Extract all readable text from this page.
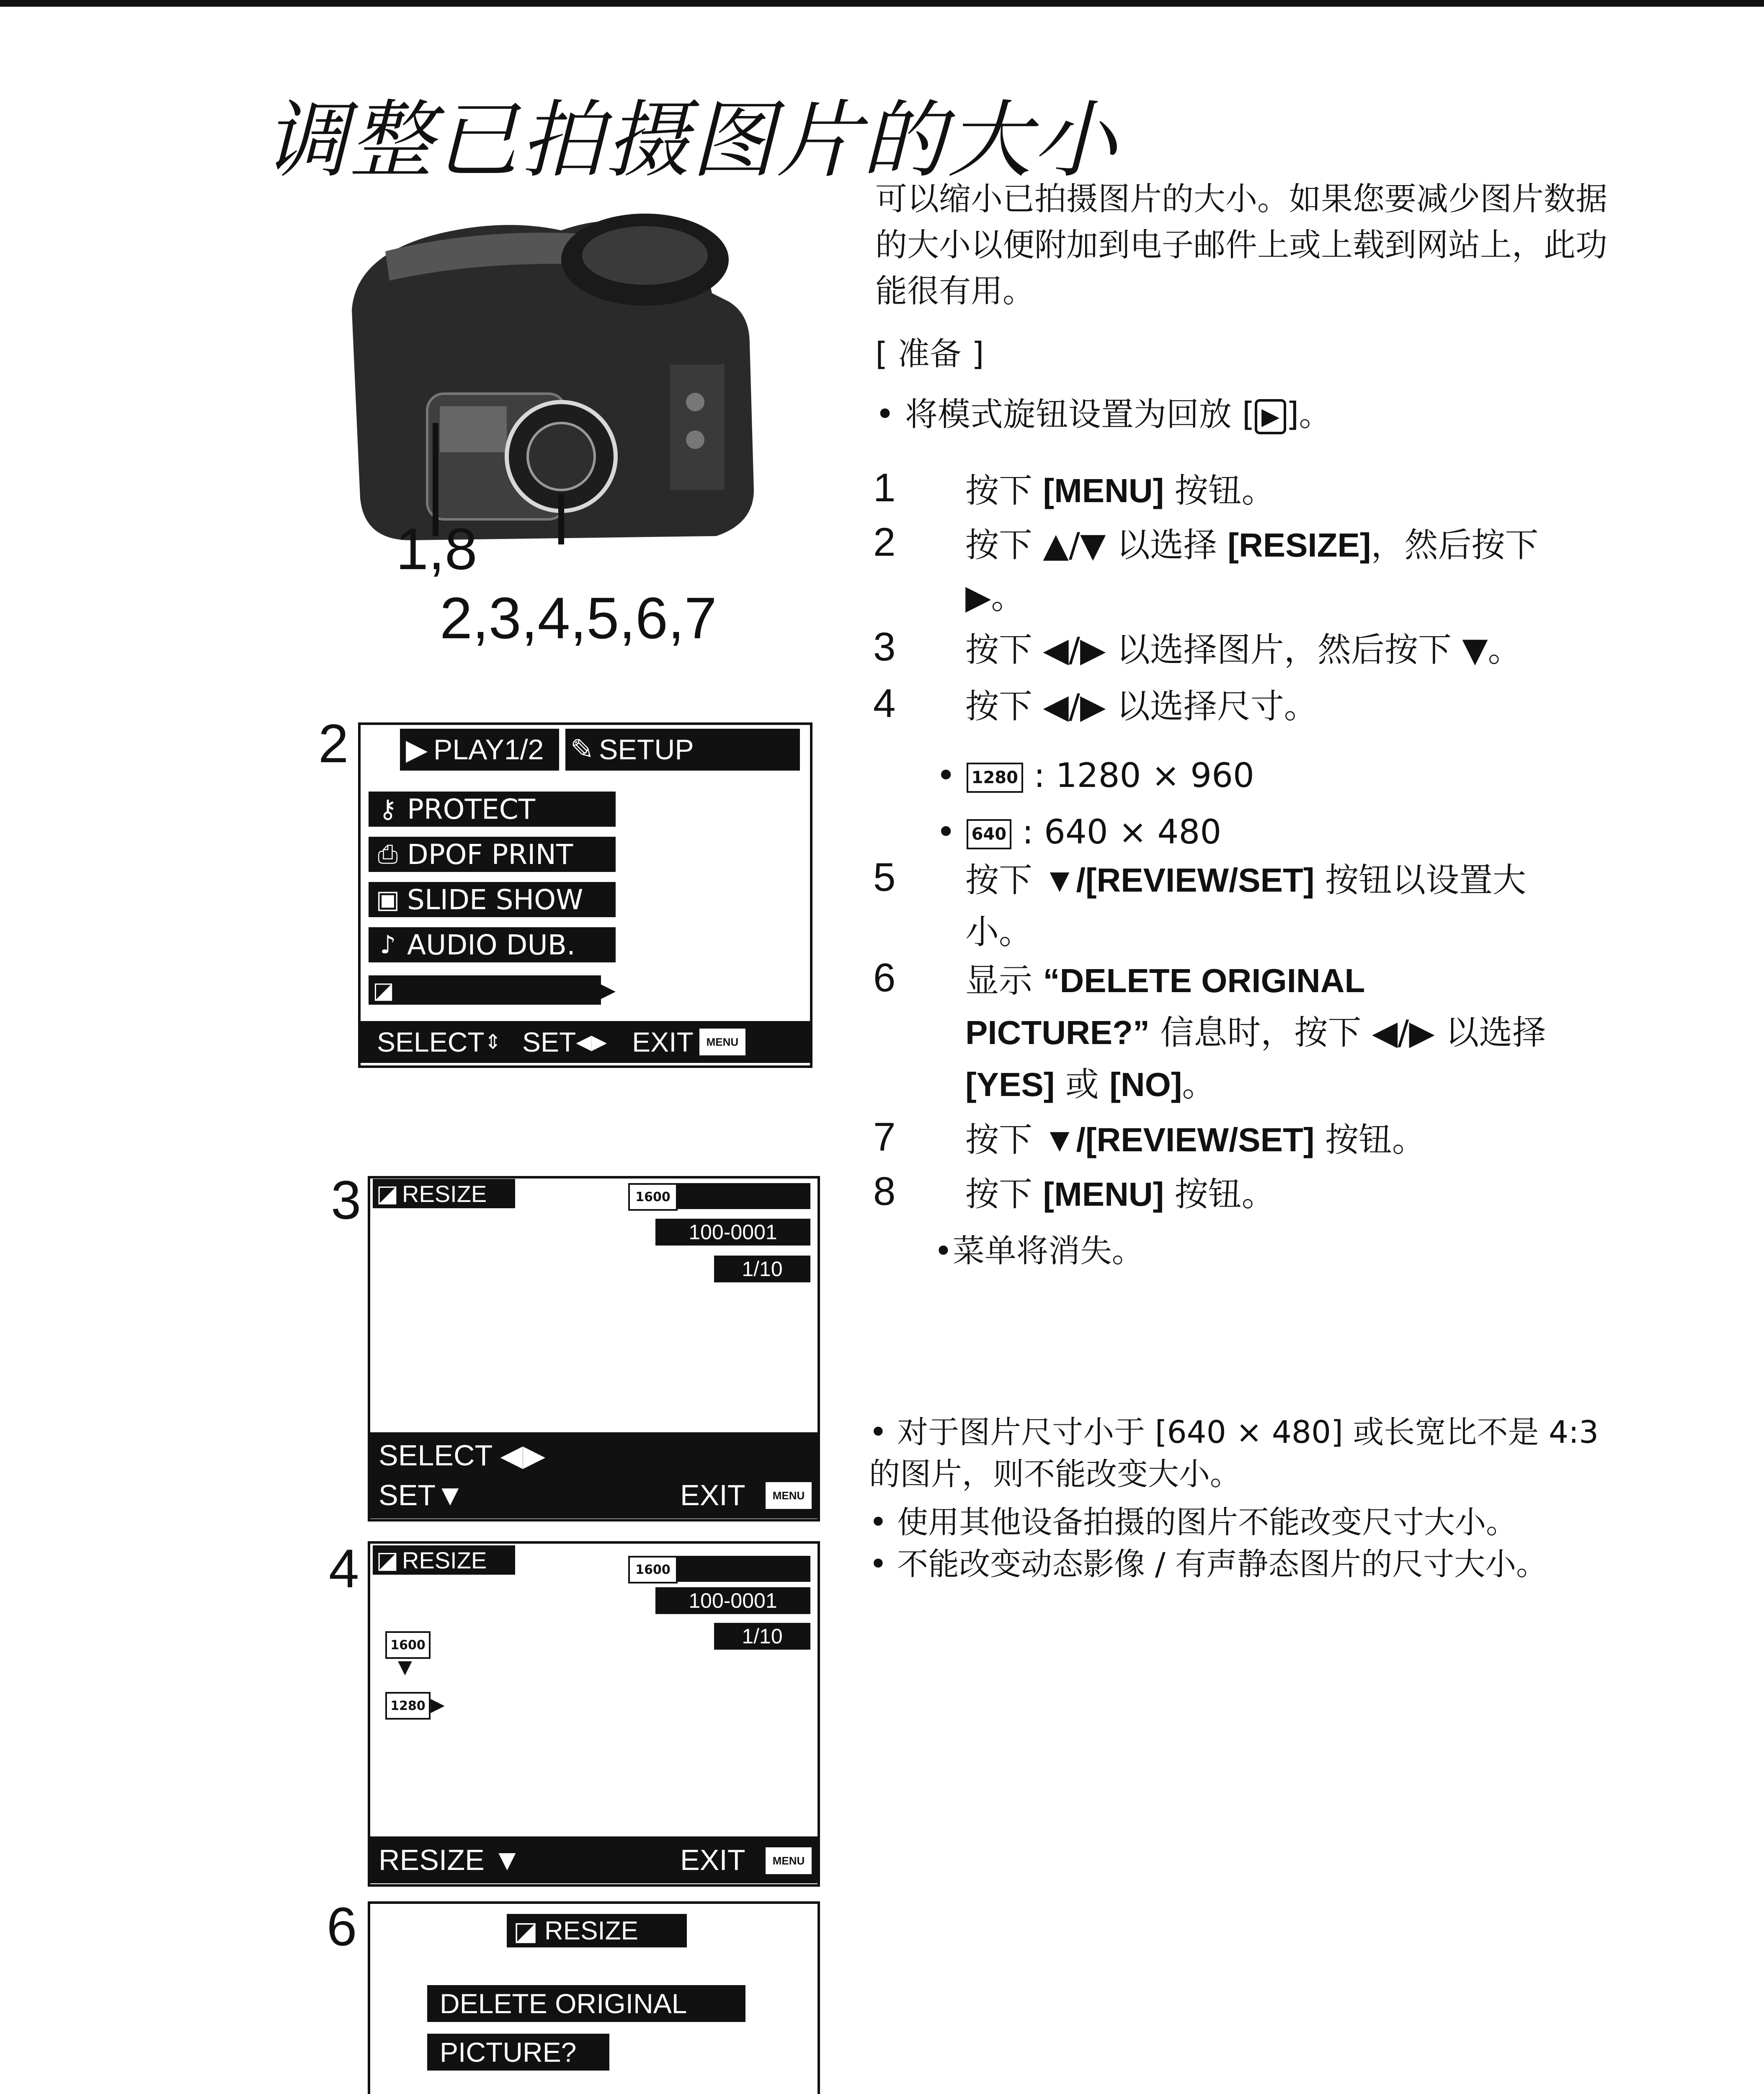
调整已拍摄图片的大小
1,8
2,3,4,5,6,7
2 ▶ PLAY1/2 ✎ SETUP
⚷ PROTECT
⎙ DPOF PRINT
▣ SLIDE SHOW
♪ AUDIO DUB.
◪	▶
SELECT ⇕ SET ◀▶ EXIT	MENU
3 ◪ RESIZE	1600
100-0001
1/10
SELECT ◀▶
SET▼	EXIT	MENU
4 ◪ RESIZE	1600
100-0001
1/10
1600
▼
1280 ▶
RESIZE ▼	EXIT	MENU
6	◪ RESIZE
DELETE ORIGINAL
PICTURE?
可以缩小已拍摄图片的大小。如果您要减少图片数据的大小以便附加到电子邮件上或上载到网站上，此功能很有用。
[ 准备 ]
• 将模式旋钮设置为回放 [ ▶ ]。
1 按下 [MENU] 按钮。
2 按下 ▲/▼ 以选择 [RESIZE]，然后按下
▶。
3 按下 ◀/▶ 以选择图片，然后按下 ▼。
4 按下 ◀/▶ 以选择尺寸。
• 1280 : 1280 × 960
• 640 : 640 × 480
5 按下 ▼/[REVIEW/SET] 按钮以设置大
小。
6 显示 “DELETE ORIGINAL
PICTURE?” 信息时，按下 ◀/▶ 以选择
[YES] 或 [NO]。
7 按下 ▼/[REVIEW/SET] 按钮。
8 按下 [MENU] 按钮。
•菜单将消失。
• 对于图片尺寸小于 [640 × 480] 或长宽比不是 4:3 的图片，则不能改变大小。
• 使用其他设备拍摄的图片不能改变尺寸大小。
• 不能改变动态影像 / 有声静态图片的尺寸大小。
